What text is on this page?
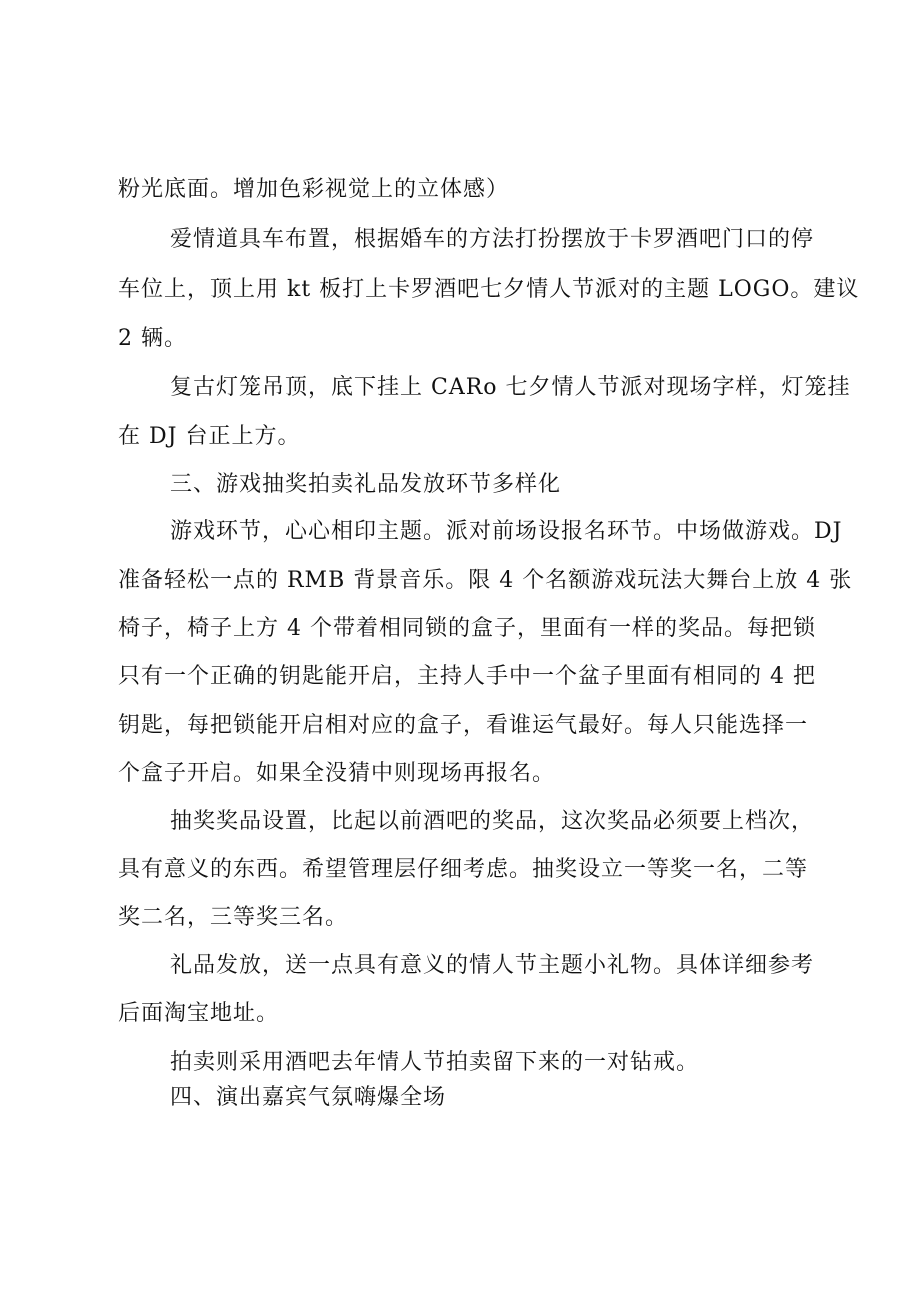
粉光底面。增加色彩视觉上的立体感）

爱情道具车布置，根据婚车的方法打扮摆放于卡罗酒吧门口的停

车位上，顶上用 kt 板打上卡罗酒吧七夕情人节派对的主题 LOGO。建议

2 辆。

复古灯笼吊顶，底下挂上 CARo 七夕情人节派对现场字样，灯笼挂

在 DJ 台正上方。

三、游戏抽奖拍卖礼品发放环节多样化

游戏环节，心心相印主题。派对前场设报名环节。中场做游戏。DJ

准备轻松一点的 RMB 背景音乐。限 4 个名额游戏玩法大舞台上放 4 张

椅子，椅子上方 4 个带着相同锁的盒子，里面有一样的奖品。每把锁

只有一个正确的钥匙能开启，主持人手中一个盆子里面有相同的 4 把

钥匙，每把锁能开启相对应的盒子，看谁运气最好。每人只能选择一

个盒子开启。如果全没猜中则现场再报名。

抽奖奖品设置，比起以前酒吧的奖品，这次奖品必须要上档次，

具有意义的东西。希望管理层仔细考虑。抽奖设立一等奖一名，二等

奖二名，三等奖三名。

礼品发放，送一点具有意义的情人节主题小礼物。具体详细参考

后面淘宝地址。

拍卖则采用酒吧去年情人节拍卖留下来的一对钻戒。

四、演出嘉宾气氛嗨爆全场
